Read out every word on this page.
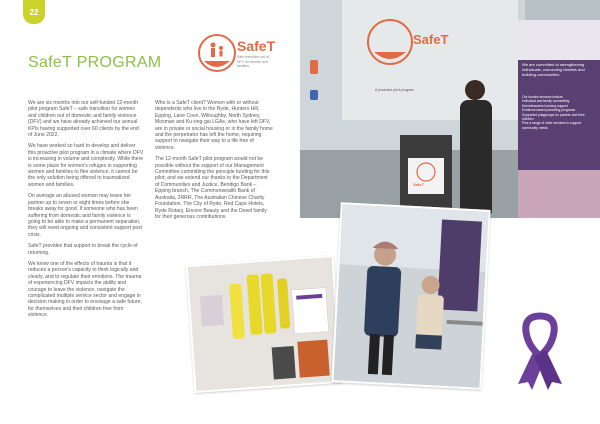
22
SafeT PROGRAM
SafeT
Safe transition out of DFV for women and families

We are six months into our self-funded 12-month pilot program SafeT – safe transition for women and children out of domestic and family violence (DFV) and we have already achieved our annual KPIs having supported over 60 clients by the end of June 2022.

We have worked so hard to develop and deliver this proactive pilot program in a climate where DFV is increasing in volume and complexity. While there is some place for women's refuges in supporting women and families to flee violence, it cannot be the only solution being offered to traumatized women and families.

On average an abused woman may leave her partner up to seven or eight times before she breaks away for good. If someone who has been suffering from domestic and family violence is going to be able to make a permanent separation, they will need ongoing and consistent support post crisis.

SafeT provides that support to break the cycle of returning.

We know one of the effects of trauma is that it reduces a person's capacity to think logically and clearly, and to regulate their emotions. The trauma of experiencing DFV impacts the ability and courage to leave the violence, navigate the complicated multiple service sector and engage in decision making in order to envisage a safe future, for themselves and their children free from violence.

Who is a SafeT client? Women with or without dependents who live in the Ryde, Hunters Hill, Epping, Lane Cove, Willoughby, North Sydney, Mosman and Ku-ring-gai LGAs, who have left DFV, are in private or social housing or in the family home and the perpetrator has left the home, requiring support to navigate their way to a life free of violence.

The 12-month SafeT pilot program would not be possible without the support of our Management Committee committing the principle funding for this pilot; and we extend our thanks to the Department of Communities and Justice, Bendigo Bank – Epping branch, The Commonwealth Bank of Australia, 2RRR, The Australian Chinese Charity Foundation, The City of Ryde, Red Cape Hotels, Ryde Rotary, Encore Beauty and the Dowd family for their generous contributions.

SafeT
A proactive pilot program
SafeT
We are committed to strengthening individuals, connecting families and building communities
Our funded services include
Individual and family counselling
Homelessness housing support
Evidence-based parenting programs
Supported playgroups for parents and their children
Plus a range of other services to support community needs
